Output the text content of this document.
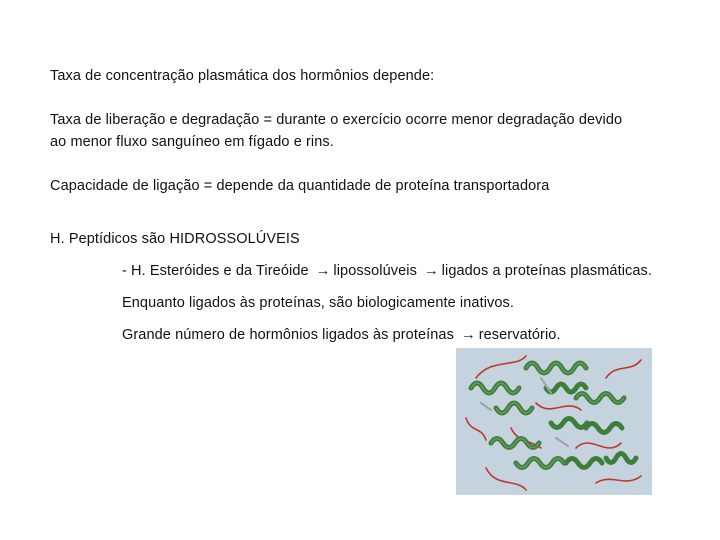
Taxa de concentração plasmática dos hormônios depende:
Taxa de liberação e degradação = durante o exercício ocorre menor degradação devido
ao menor fluxo sanguíneo em fígado e rins.
Capacidade de ligação = depende da quantidade de proteína transportadora
H. Peptídicos são HIDROSSOLÚVEIS
- H. Esteróides e da Tireóide → lipossolúveis → ligados a proteínas plasmáticas.
Enquanto ligados às proteínas, são biologicamente inativos.
Grande número de hormônios ligados às proteínas → reservatório.
